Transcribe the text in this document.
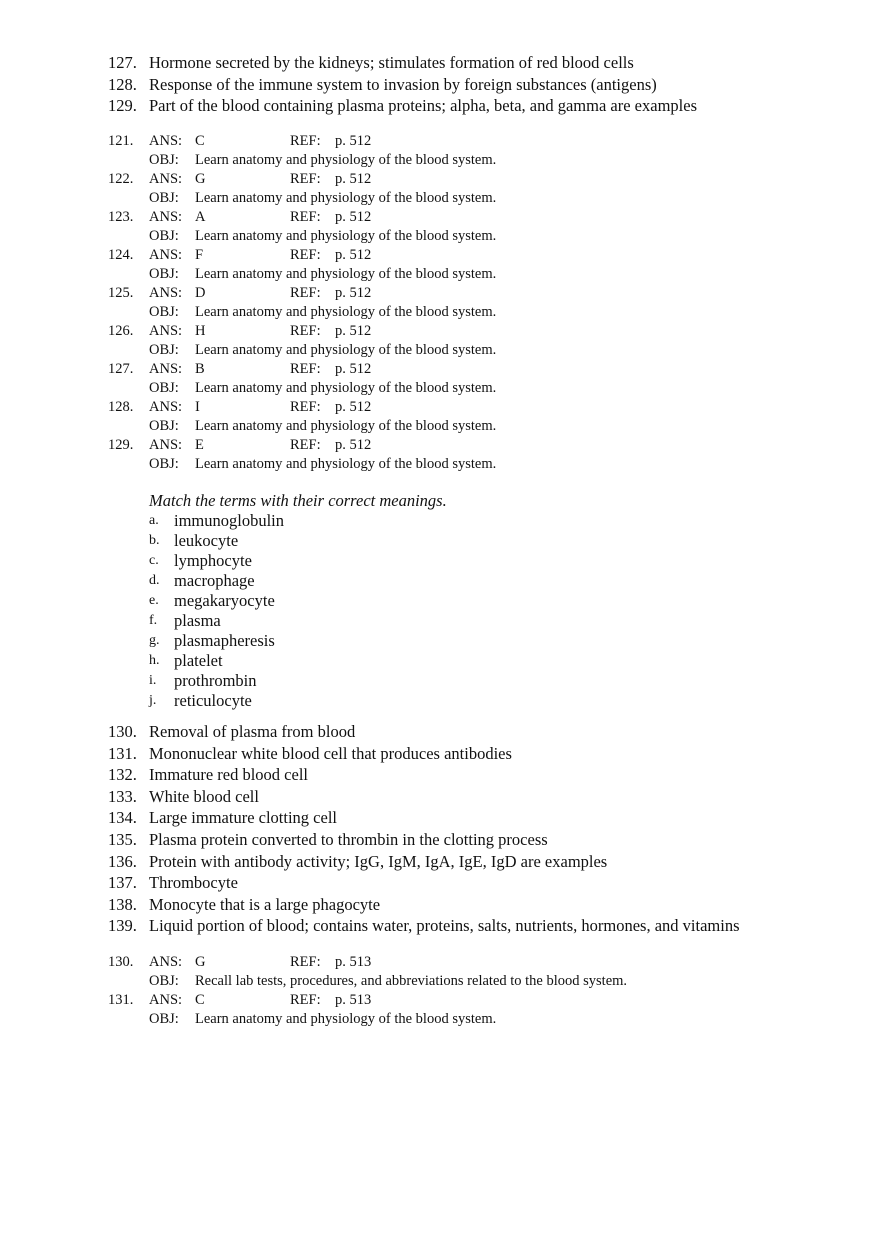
127. Hormone secreted by the kidneys; stimulates formation of red blood cells
128. Response of the immune system to invasion by foreign substances (antigens)
129. Part of the blood containing plasma proteins; alpha, beta, and gamma are examples
121. ANS: C	REF: p. 512
OBJ: Learn anatomy and physiology of the blood system.
122. ANS: G	REF: p. 512
OBJ: Learn anatomy and physiology of the blood system.
123. ANS: A	REF: p. 512
OBJ: Learn anatomy and physiology of the blood system.
124. ANS: F	REF: p. 512
OBJ: Learn anatomy and physiology of the blood system.
125. ANS: D	REF: p. 512
OBJ: Learn anatomy and physiology of the blood system.
126. ANS: H	REF: p. 512
OBJ: Learn anatomy and physiology of the blood system.
127. ANS: B	REF: p. 512
OBJ: Learn anatomy and physiology of the blood system.
128. ANS: I	REF: p. 512
OBJ: Learn anatomy and physiology of the blood system.
129. ANS: E	REF: p. 512
OBJ: Learn anatomy and physiology of the blood system.
Match the terms with their correct meanings.
a. immunoglobulin
b. leukocyte
c. lymphocyte
d. macrophage
e. megakaryocyte
f. plasma
g. plasmapheresis
h. platelet
i. prothrombin
j. reticulocyte
130. Removal of plasma from blood
131. Mononuclear white blood cell that produces antibodies
132. Immature red blood cell
133. White blood cell
134. Large immature clotting cell
135. Plasma protein converted to thrombin in the clotting process
136. Protein with antibody activity; IgG, IgM, IgA, IgE, IgD are examples
137. Thrombocyte
138. Monocyte that is a large phagocyte
139. Liquid portion of blood; contains water, proteins, salts, nutrients, hormones, and vitamins
130. ANS: G	REF: p. 513
OBJ: Recall lab tests, procedures, and abbreviations related to the blood system.
131. ANS: C	REF: p. 513
OBJ: Learn anatomy and physiology of the blood system.
